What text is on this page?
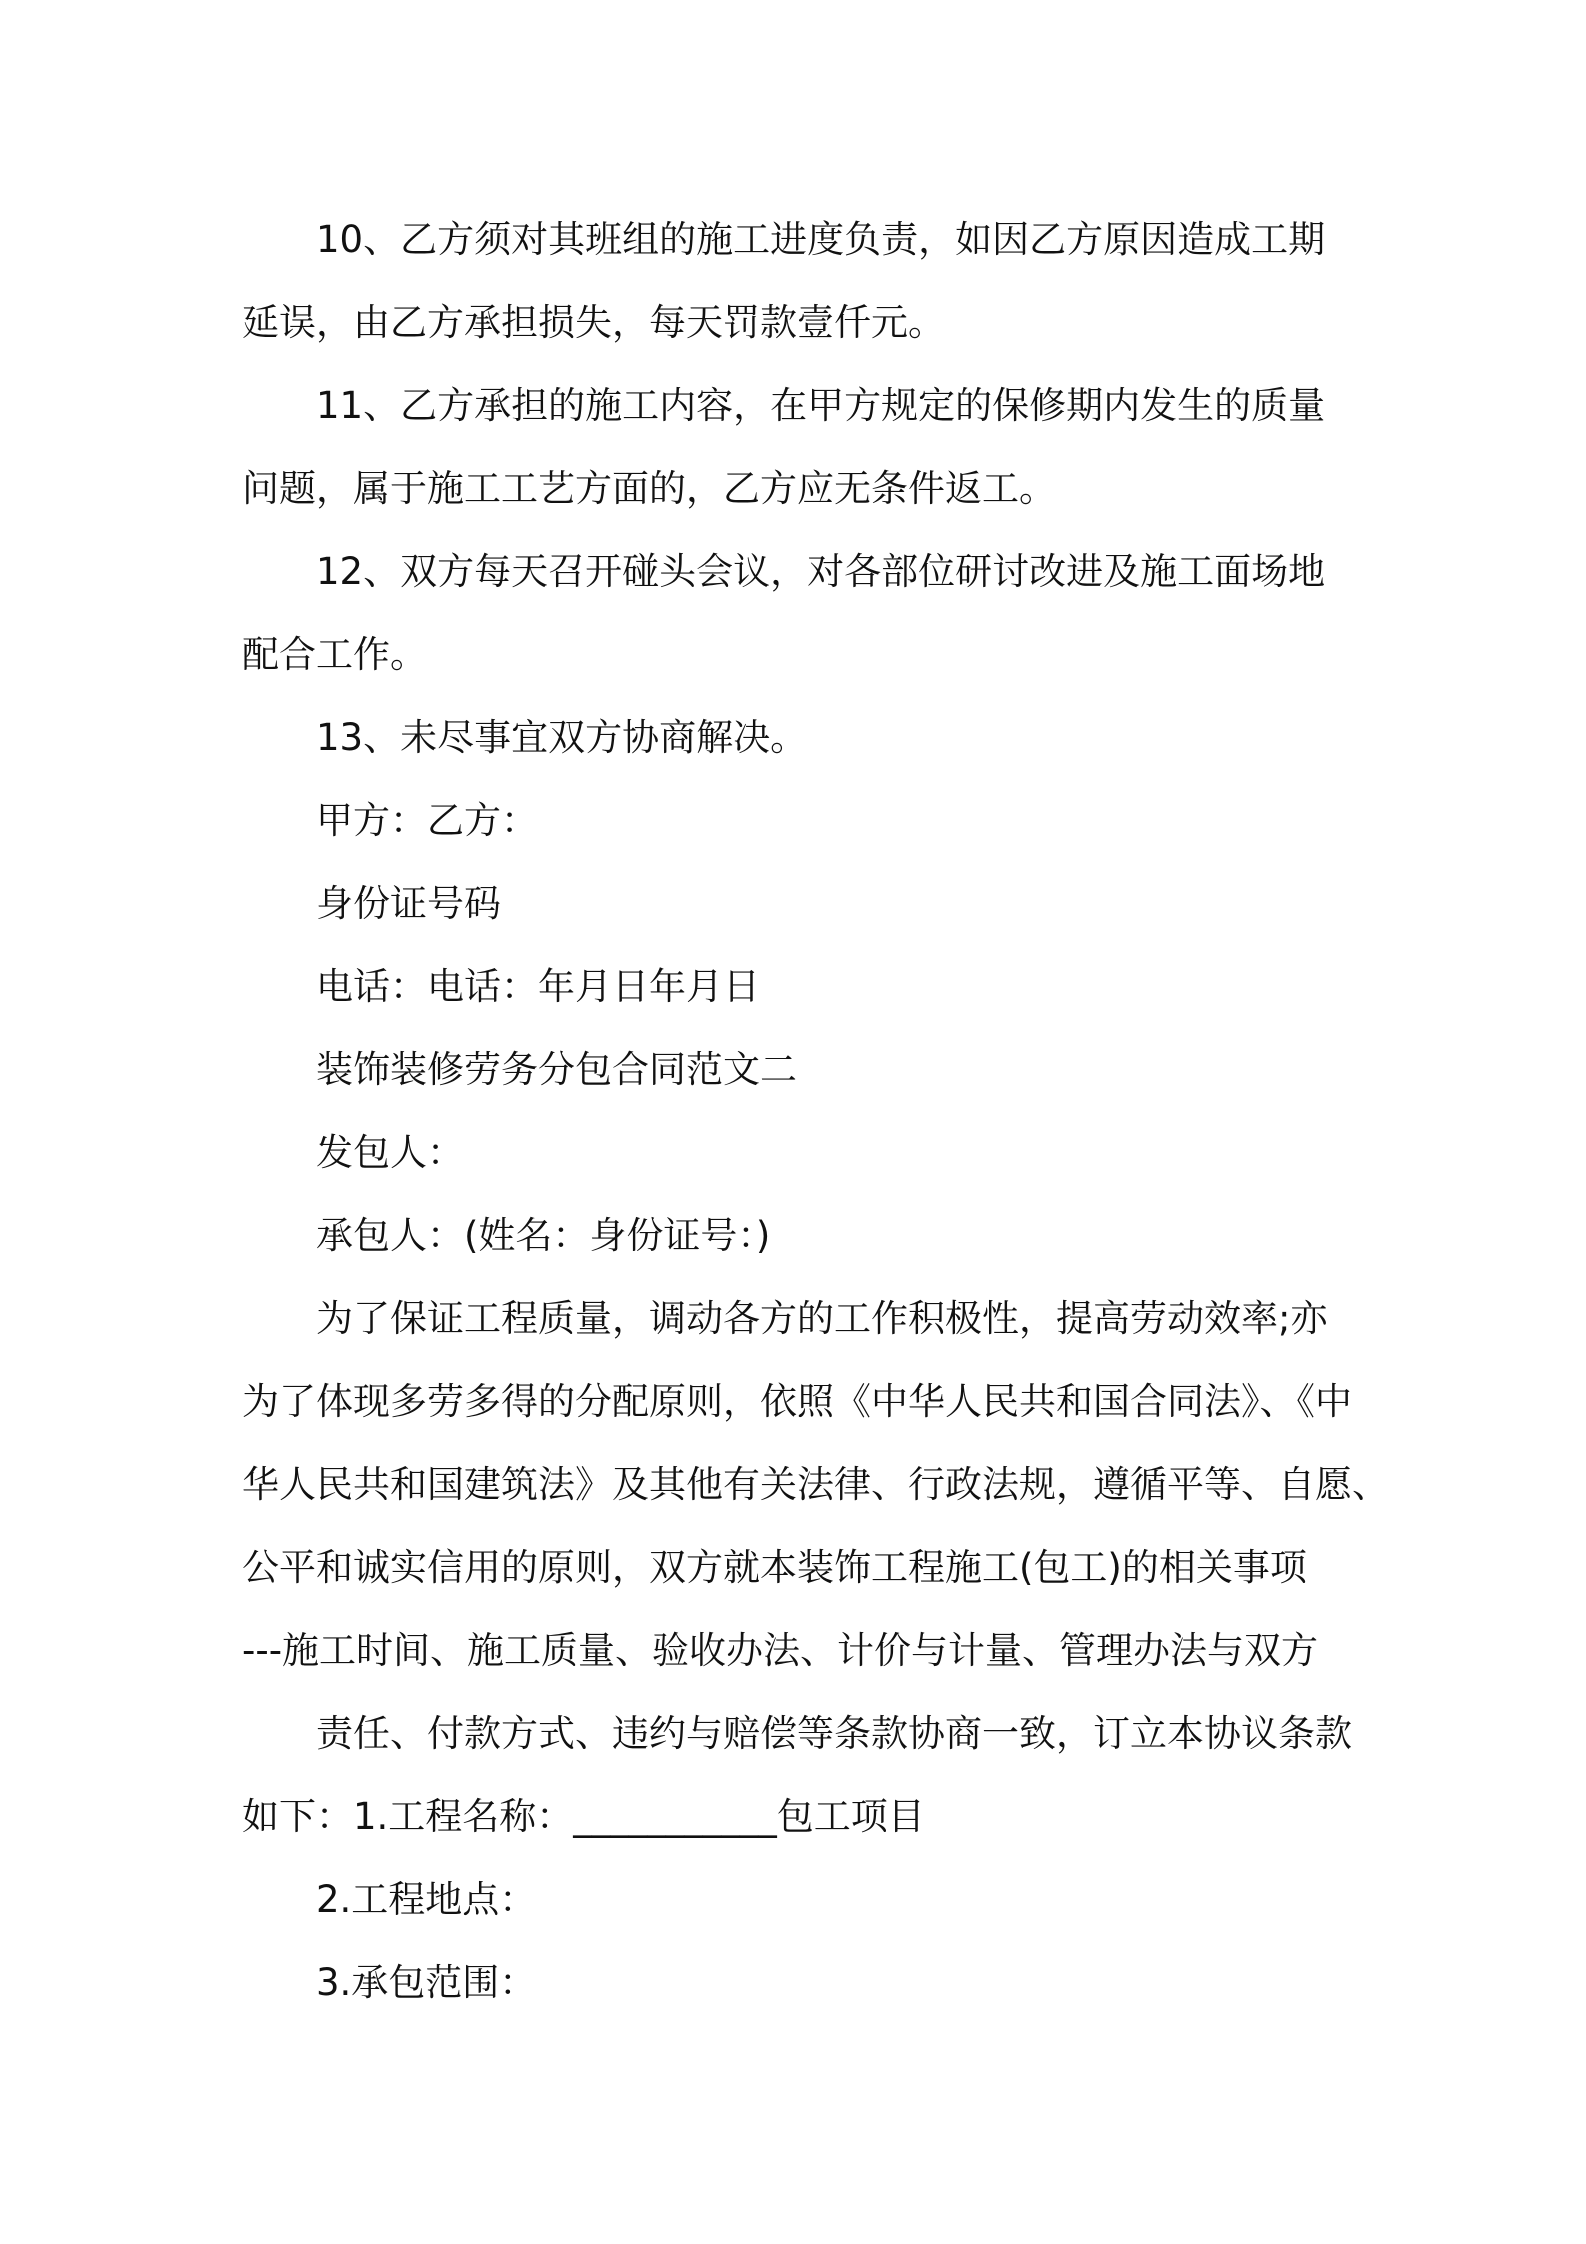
10、乙方须对其班组的施工进度负责，如因乙方原因造成工期

延误，由乙方承担损失，每天罚款壹仟元。

11、乙方承担的施工内容，在甲方规定的保修期内发生的质量

问题，属于施工工艺方面的，乙方应无条件返工。

12、双方每天召开碰头会议，对各部位研讨改进及施工面场地

配合工作。

13、未尽事宜双方协商解决。

甲方：乙方：

身份证号码

电话：电话：年月日年月日

装饰装修劳务分包合同范文二

发包人：

承包人：(姓名：身份证号：)

为了保证工程质量，调动各方的工作积极性，提高劳动效率;亦

为了体现多劳多得的分配原则，依照《中华人民共和国合同法》、《中

华人民共和国建筑法》及其他有关法律、行政法规，遵循平等、自愿、

公平和诚实信用的原则，双方就本装饰工程施工(包工)的相关事项

---施工时间、施工质量、验收办法、计价与计量、管理办法与双方

责任、付款方式、违约与赔偿等条款协商一致，订立本协议条款

如下：1.工程名称：___________包工项目

2.工程地点：

3.承包范围：
